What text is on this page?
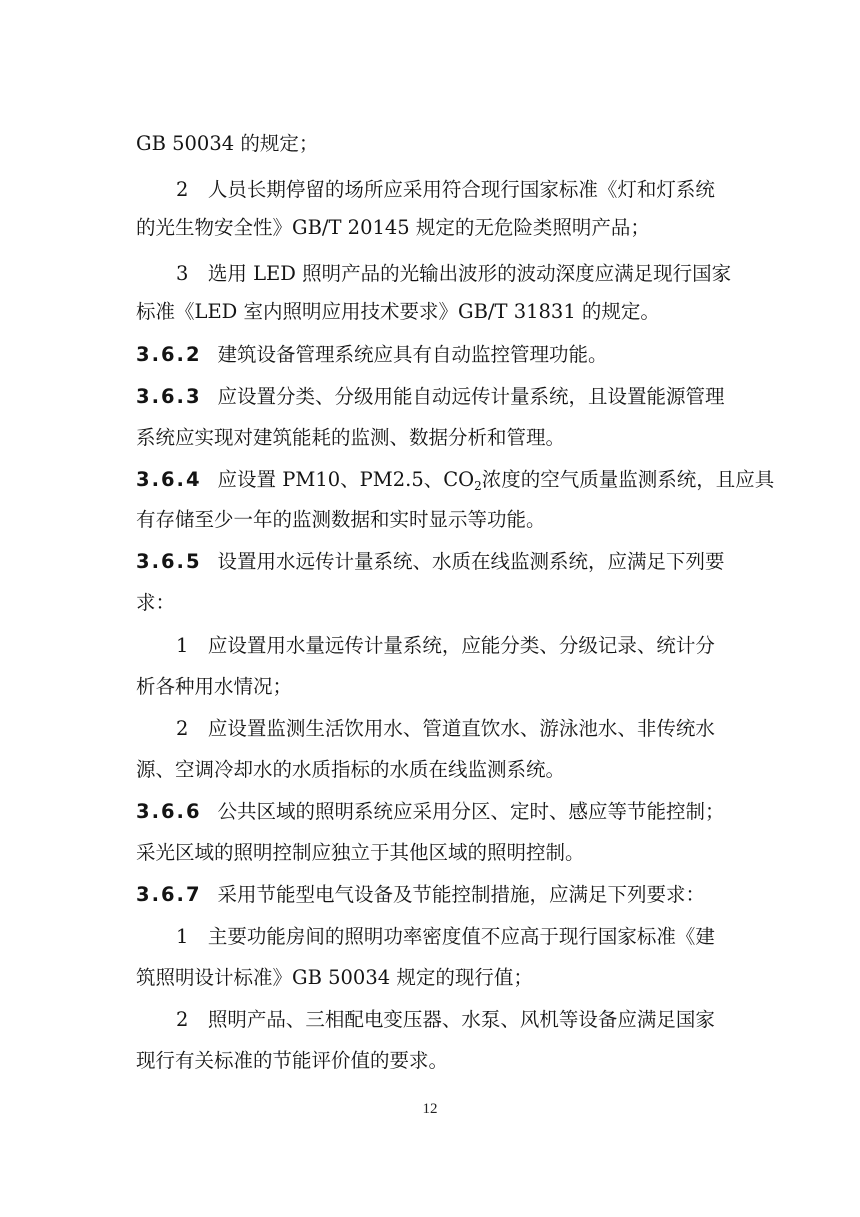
GB 50034 的规定；
2　人员长期停留的场所应采用符合现行国家标准《灯和灯系统
的光生物安全性》GB/T 20145 规定的无危险类照明产品；
3　选用 LED 照明产品的光输出波形的波动深度应满足现行国家
标准《LED 室内照明应用技术要求》GB/T 31831 的规定。
3.6.2 建筑设备管理系统应具有自动监控管理功能。
3.6.3 应设置分类、分级用能自动远传计量系统，且设置能源管理
系统应实现对建筑能耗的监测、数据分析和管理。
3.6.4 应设置 PM10、PM2.5、$CO_2$浓度的空气质量监测系统，且应具
有存储至少一年的监测数据和实时显示等功能。
3.6.5 设置用水远传计量系统、水质在线监测系统，应满足下列要
求：
1　应设置用水量远传计量系统，应能分类、分级记录、统计分
析各种用水情况；
2　应设置监测生活饮用水、管道直饮水、游泳池水、非传统水
源、空调冷却水的水质指标的水质在线监测系统。
3.6.6 公共区域的照明系统应采用分区、定时、感应等节能控制；
采光区域的照明控制应独立于其他区域的照明控制。
3.6.7 采用节能型电气设备及节能控制措施，应满足下列要求：
1　主要功能房间的照明功率密度值不应高于现行国家标准《建
筑照明设计标准》GB 50034 规定的现行值；
2　照明产品、三相配电变压器、水泵、风机等设备应满足国家
现行有关标准的节能评价值的要求。
12
